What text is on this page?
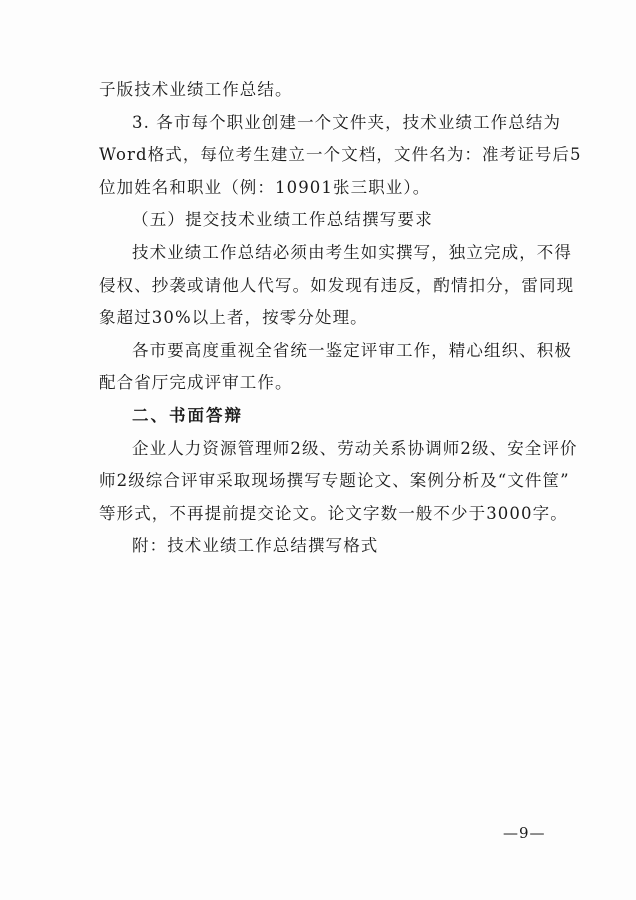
子版技术业绩工作总结。
3. 各市每个职业创建一个文件夹，技术业绩工作总结为
Word格式，每位考生建立一个文档，文件名为：准考证号后5
位加姓名和职业（例：10901张三职业）。
（五）提交技术业绩工作总结撰写要求
技术业绩工作总结必须由考生如实撰写，独立完成，不得
侵权、抄袭或请他人代写。如发现有违反，酌情扣分，雷同现
象超过30%以上者，按零分处理。
各市要高度重视全省统一鉴定评审工作，精心组织、积极
配合省厅完成评审工作。
二、书面答辩
企业人力资源管理师2级、劳动关系协调师2级、安全评价
师2级综合评审采取现场撰写专题论文、案例分析及“文件筐”
等形式，不再提前提交论文。论文字数一般不少于3000字。
附：技术业绩工作总结撰写格式
—9—
